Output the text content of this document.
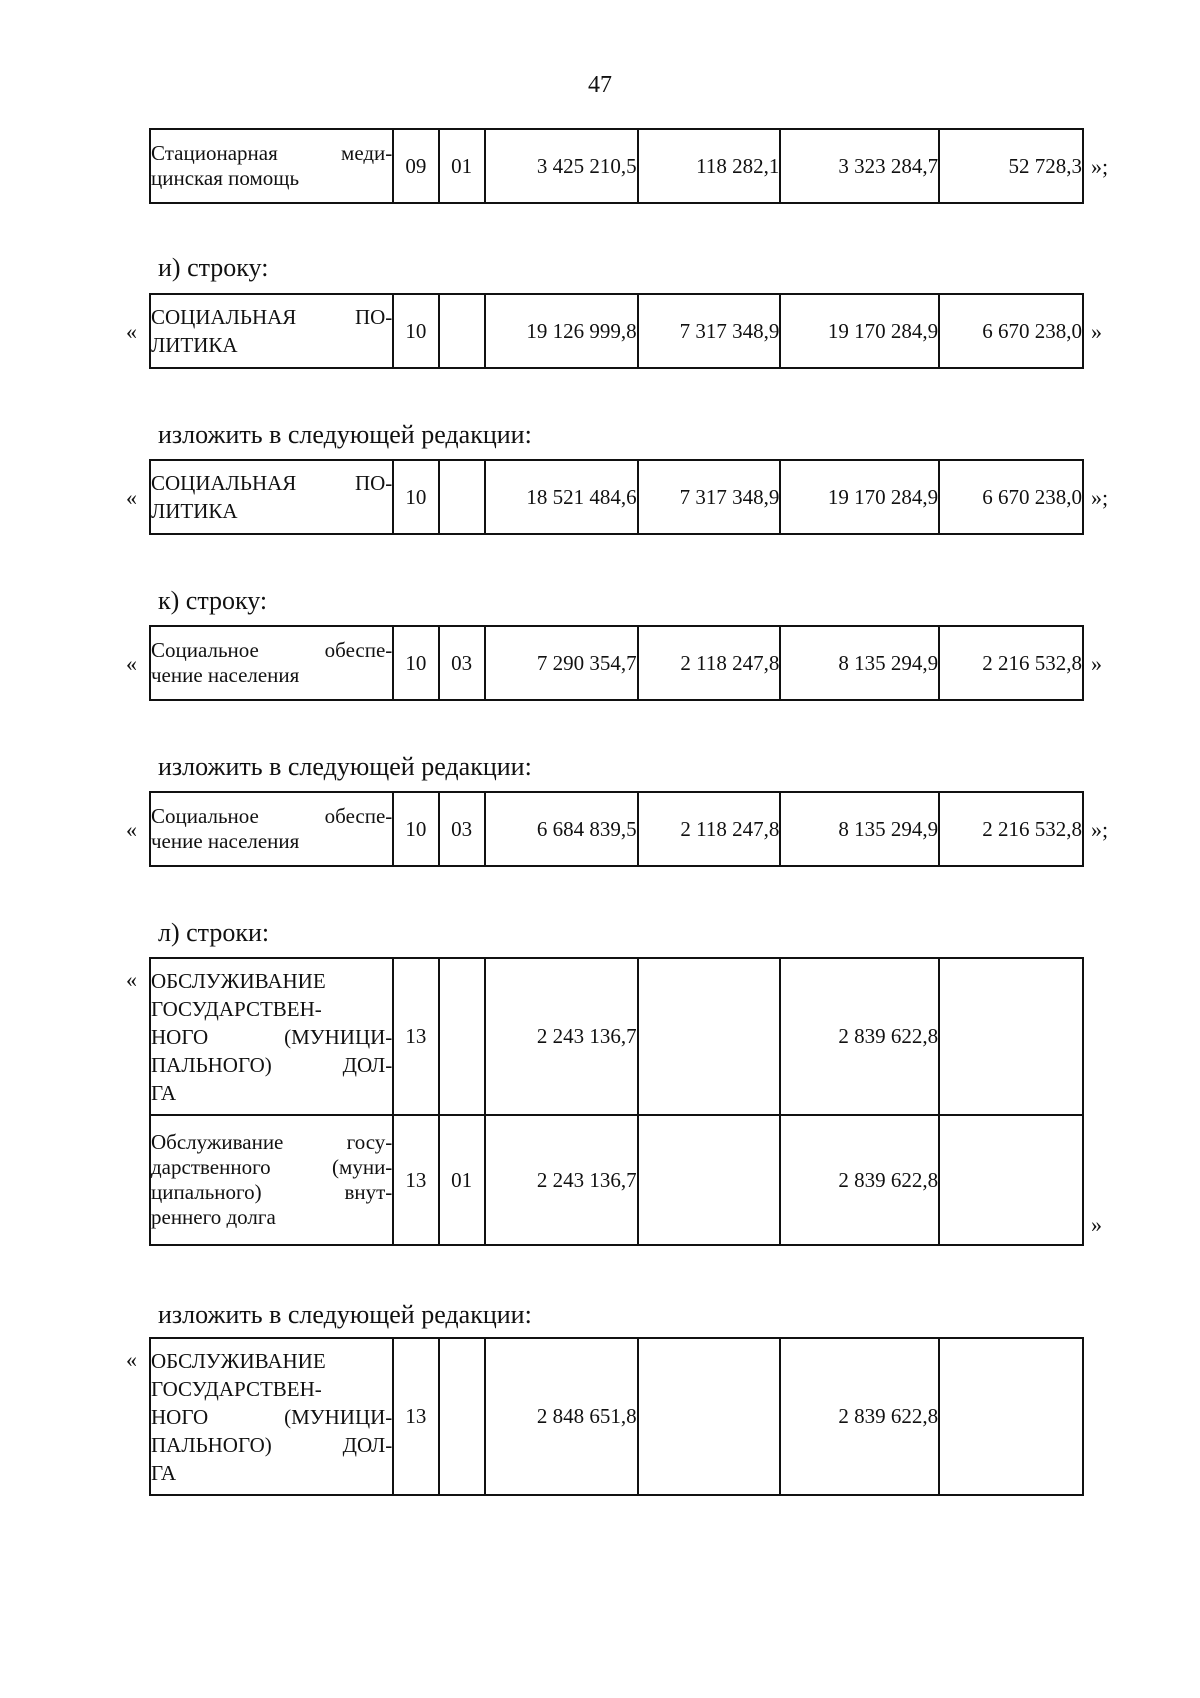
47
Стационарная меди-
цинская помощь
	09	01	3 425 210,5	118 282,1	3 323 284,7	52 728,3 »;
и) строку:
«
СОЦИАЛЬНАЯ ПО-
ЛИТИКА
	10		19 126 999,8	7 317 348,9	19 170 284,9	6 670 238,0 »
изложить в следующей редакции:
«
СОЦИАЛЬНАЯ ПО-
ЛИТИКА
	10		18 521 484,6	7 317 348,9	19 170 284,9	6 670 238,0 »;
к) строку:
«
Социальное обеспе-
чение населения
	10	03	7 290 354,7	2 118 247,8	8 135 294,9	2 216 532,8 »
изложить в следующей редакции:
«
Социальное обеспе-
чение населения
	10	03	6 684 839,5	2 118 247,8	8 135 294,9	2 216 532,8 »;
л) строки:
« ОБСЛУЖИВАНИЕ
ГОСУДАРСТВЕН-
НОГО (МУНИЦИ-
ПАЛЬНОГО) ДОЛ-
ГА	13		2 243 136,7		2 839 622,8	

Обслуживание госу-
дарственного (муни-
ципального) внут-
реннего долга	13	01	2 243 136,7		2 839 622,8	
»
изложить в следующей редакции:
« ОБСЛУЖИВАНИЕ
ГОСУДАРСТВЕН-
НОГО (МУНИЦИ-
ПАЛЬНОГО) ДОЛ-
ГА
	13		2 848 651,8		2 839 622,8	
